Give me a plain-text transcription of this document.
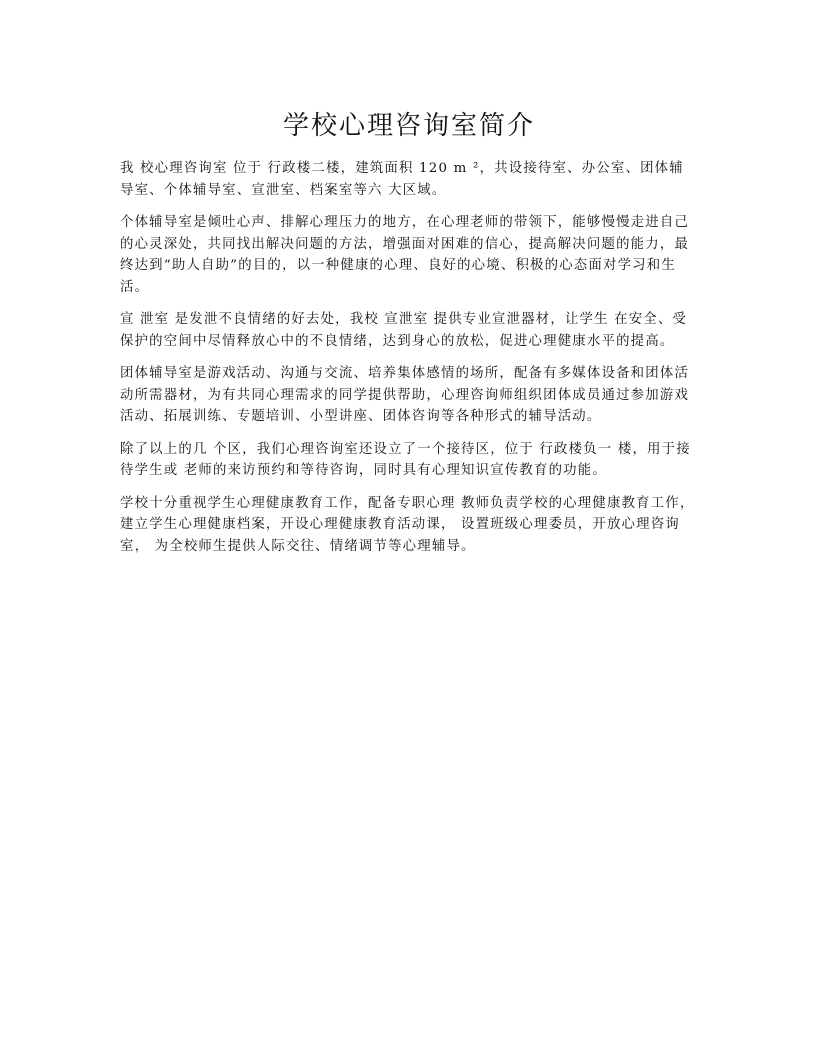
学校心理咨询室简介

我 校心理咨询室 位于 行政楼二楼，建筑面积 120 m ²，共设接待室、办公室、团体辅导室、个体辅导室、宣泄室、档案室等六 大区域。

个体辅导室是倾吐心声、排解心理压力的地方，在心理老师的带领下，能够慢慢走进自己的心灵深处，共同找出解决问题的方法，增强面对困难的信心，提高解决问题的能力，最终达到“助人自助”的目的，以一种健康的心理、良好的心境、积极的心态面对学习和生活。

宣 泄室 是发泄不良情绪的好去处，我校 宣泄室 提供专业宣泄器材，让学生 在安全、受保护的空间中尽情释放心中的不良情绪，达到身心的放松，促进心理健康水平的提高。

团体辅导室是游戏活动、沟通与交流、培养集体感情的场所，配备有多媒体设备和团体活动所需器材，为有共同心理需求的同学提供帮助，心理咨询师组织团体成员通过参加游戏活动、拓展训练、专题培训、小型讲座、团体咨询等各种形式的辅导活动。

除了以上的几 个区，我们心理咨询室还设立了一个接待区，位于 行政楼负一 楼，用于接待学生或 老师的来访预约和等待咨询，同时具有心理知识宣传教育的功能。

学校十分重视学生心理健康教育工作，配备专职心理 教师负责学校的心理健康教育工作，建立学生心理健康档案，开设心理健康教育活动课， 设置班级心理委员，开放心理咨询室， 为全校师生提供人际交往、情绪调节等心理辅导。
